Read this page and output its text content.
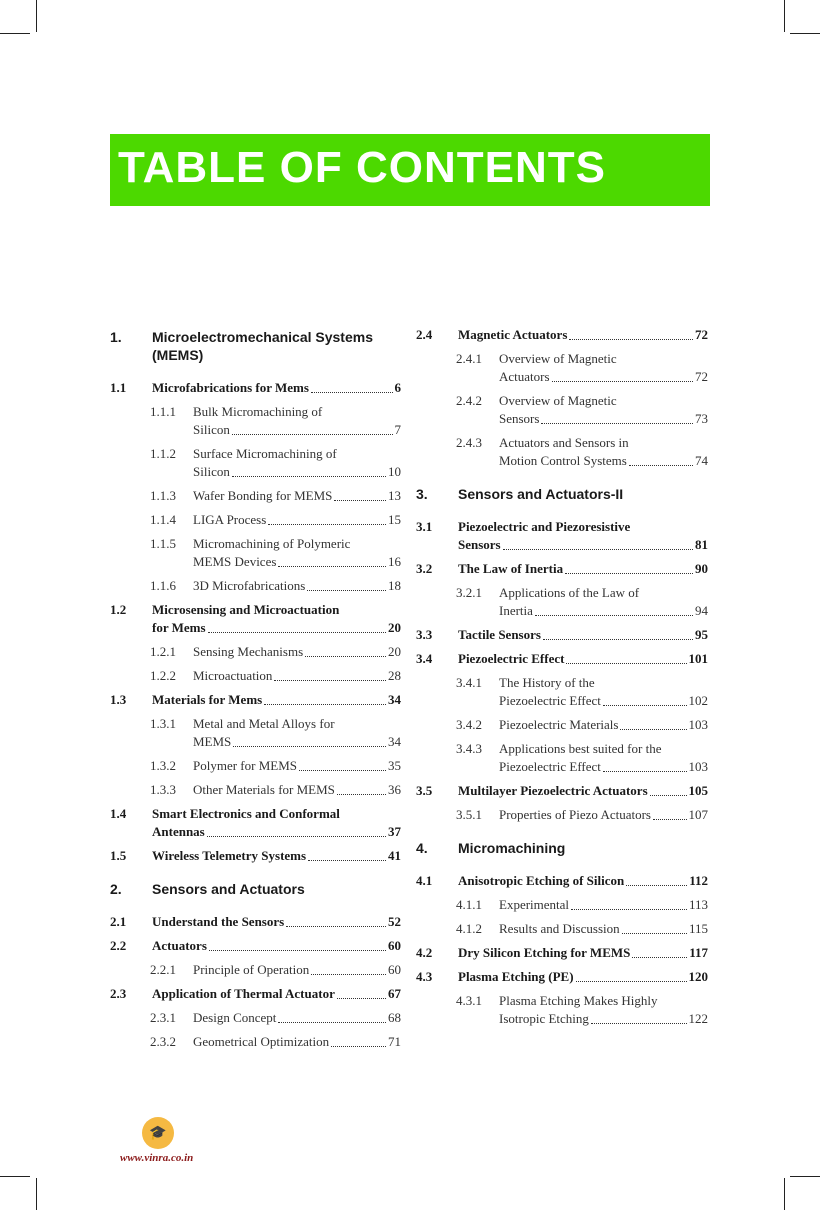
TABLE OF CONTENTS
1.	Microelectromechanical Systems
(MEMS)
1.1	Microfabrications for Mems	6
1.1.1	Bulk Micromachining of
Silicon	7
1.1.2	Surface Micromachining of
Silicon	10
1.1.3	Wafer Bonding for MEMS	13
1.1.4	LIGA Process	15
1.1.5	Micromachining of Polymeric
MEMS Devices	16
1.1.6	3D Microfabrications	18
1.2	Microsensing and Microactuation
for Mems	20
1.2.1	Sensing Mechanisms	20
1.2.2	Microactuation	28
1.3	Materials for Mems	34
1.3.1	Metal and Metal Alloys for
MEMS	34
1.3.2	Polymer for MEMS	35
1.3.3	Other Materials for MEMS	36
1.4	Smart Electronics and Conformal
Antennas	37
1.5	Wireless Telemetry Systems	41
2.	Sensors and Actuators
2.1	Understand the Sensors	52
2.2	Actuators	60
2.2.1	Principle of Operation	60
2.3	Application of Thermal Actuator	67
2.3.1	Design Concept	68
2.3.2	Geometrical Optimization	71
2.4	Magnetic Actuators	72
2.4.1	Overview of Magnetic
Actuators	72
2.4.2	Overview of Magnetic
Sensors	73
2.4.3	Actuators and Sensors in
Motion Control Systems	74
3.	Sensors and Actuators-II
3.1	Piezoelectric and Piezoresistive
Sensors	81
3.2	The Law of Inertia	90
3.2.1	Applications of the Law of
Inertia	94
3.3	Tactile Sensors	95
3.4	Piezoelectric Effect	101
3.4.1	The History of the
Piezoelectric Effect	102
3.4.2	Piezoelectric Materials	103
3.4.3	Applications best suited for the
Piezoelectric Effect	103
3.5	Multilayer Piezoelectric Actuators	105
3.5.1	Properties of Piezo Actuators	107
4.	Micromachining
4.1	Anisotropic Etching of Silicon	112
4.1.1	Experimental	113
4.1.2	Results and Discussion	115
4.2	Dry Silicon Etching for MEMS	117
4.3	Plasma Etching (PE)	120
4.3.1	Plasma Etching Makes Highly
Isotropic Etching	122
🎓
www.vinra.co.in
